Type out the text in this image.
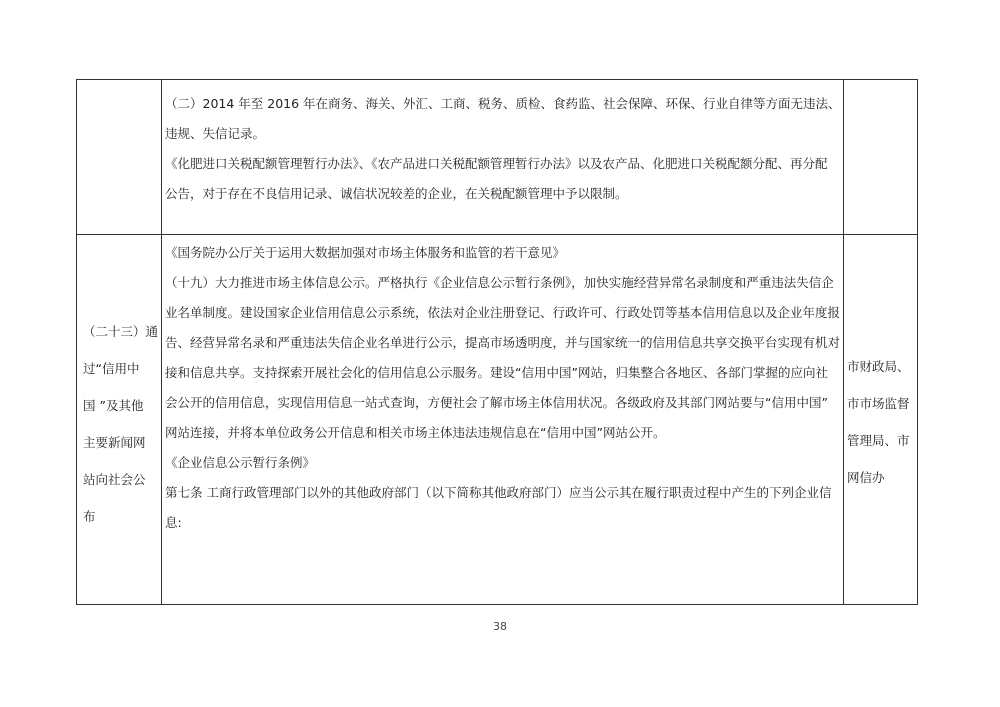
（二）2014 年至 2016 年在商务、海关、外汇、工商、税务、质检、食药监、社会保障、环保、行业自律等方面无违法、

违规、失信记录。

《化肥进口关税配额管理暂行办法》、《农产品进口关税配额管理暂行办法》以及农产品、化肥进口关税配额分配、再分配

公告，对于存在不良信用记录、诚信状况较差的企业，在关税配额管理中予以限制。

（二十三）通

过“信用中

国 ”及其他

主要新闻网

站向社会公

布

《国务院办公厅关于运用大数据加强对市场主体服务和监管的若干意见》

（十九）大力推进市场主体信息公示。严格执行《企业信息公示暂行条例》，加快实施经营异常名录制度和严重违法失信企

业名单制度。建设国家企业信用信息公示系统，依法对企业注册登记、行政许可、行政处罚等基本信用信息以及企业年度报

告、经营异常名录和严重违法失信企业名单进行公示，提高市场透明度，并与国家统一的信用信息共享交换平台实现有机对

接和信息共享。支持探索开展社会化的信用信息公示服务。建设“信用中国”网站，归集整合各地区、各部门掌握的应向社

会公开的信用信息，实现信用信息一站式查询，方便社会了解市场主体信用状况。各级政府及其部门网站要与“信用中国”

网站连接，并将本单位政务公开信息和相关市场主体违法违规信息在“信用中国”网站公开。

《企业信息公示暂行条例》

第七条 工商行政管理部门以外的其他政府部门（以下简称其他政府部门）应当公示其在履行职责过程中产生的下列企业信

息:

市财政局、

市市场监督

管理局、市

网信办

38
